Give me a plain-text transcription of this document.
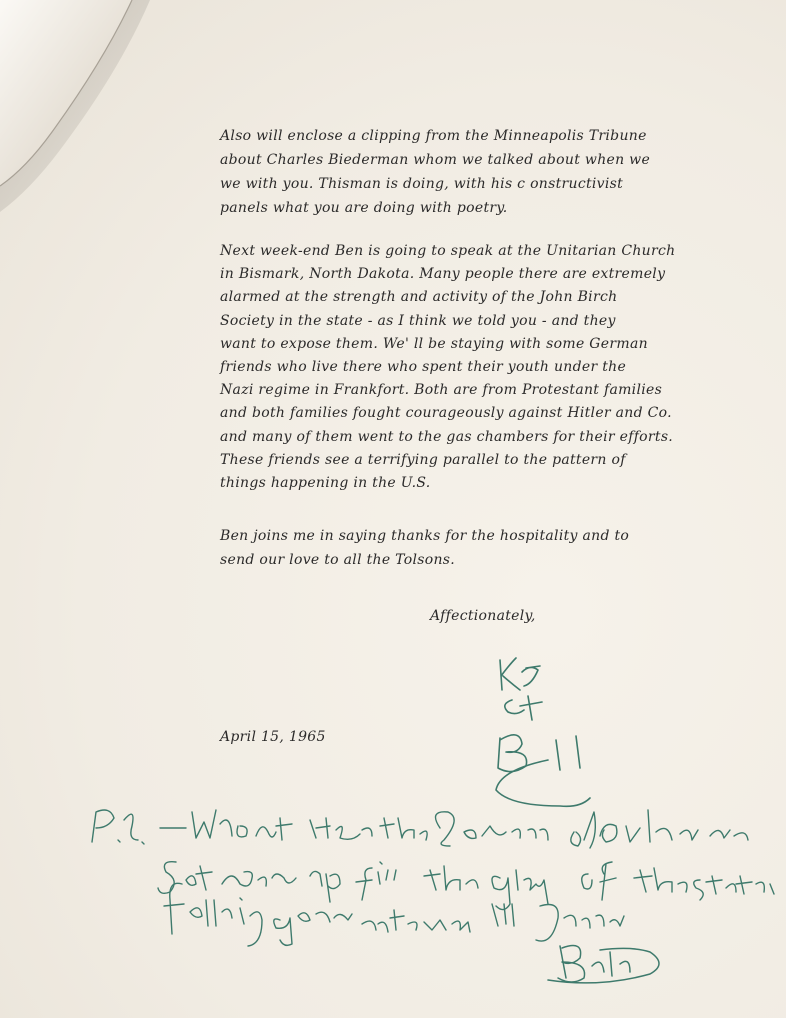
Also will enclose a clipping from the Minneapolis Tribune
about Charles Biederman whom we talked about when we
we with you. Thisman is doing, with his c onstructivist
panels what you are doing with poetry.

Next week-end Ben is going to speak at the Unitarian Church
in Bismark, North Dakota. Many people there are extremely
alarmed at the strength and activity of the John Birch
Society in the state - as I think we told you - and they
want to expose them. We' ll be staying with some German
friends who live there who spent their youth under the
Nazi regime in Frankfort. Both are from Protestant families
and both families fought courageously against Hitler and Co.
and many of them went to the gas chambers for their efforts.
These friends see a terrifying parallel to the pattern of
things happening in the U.S.

Ben joins me in saying thanks for the hospitality and to
send our love to all the Tolsons.

Affectionately,

April 15, 1965
